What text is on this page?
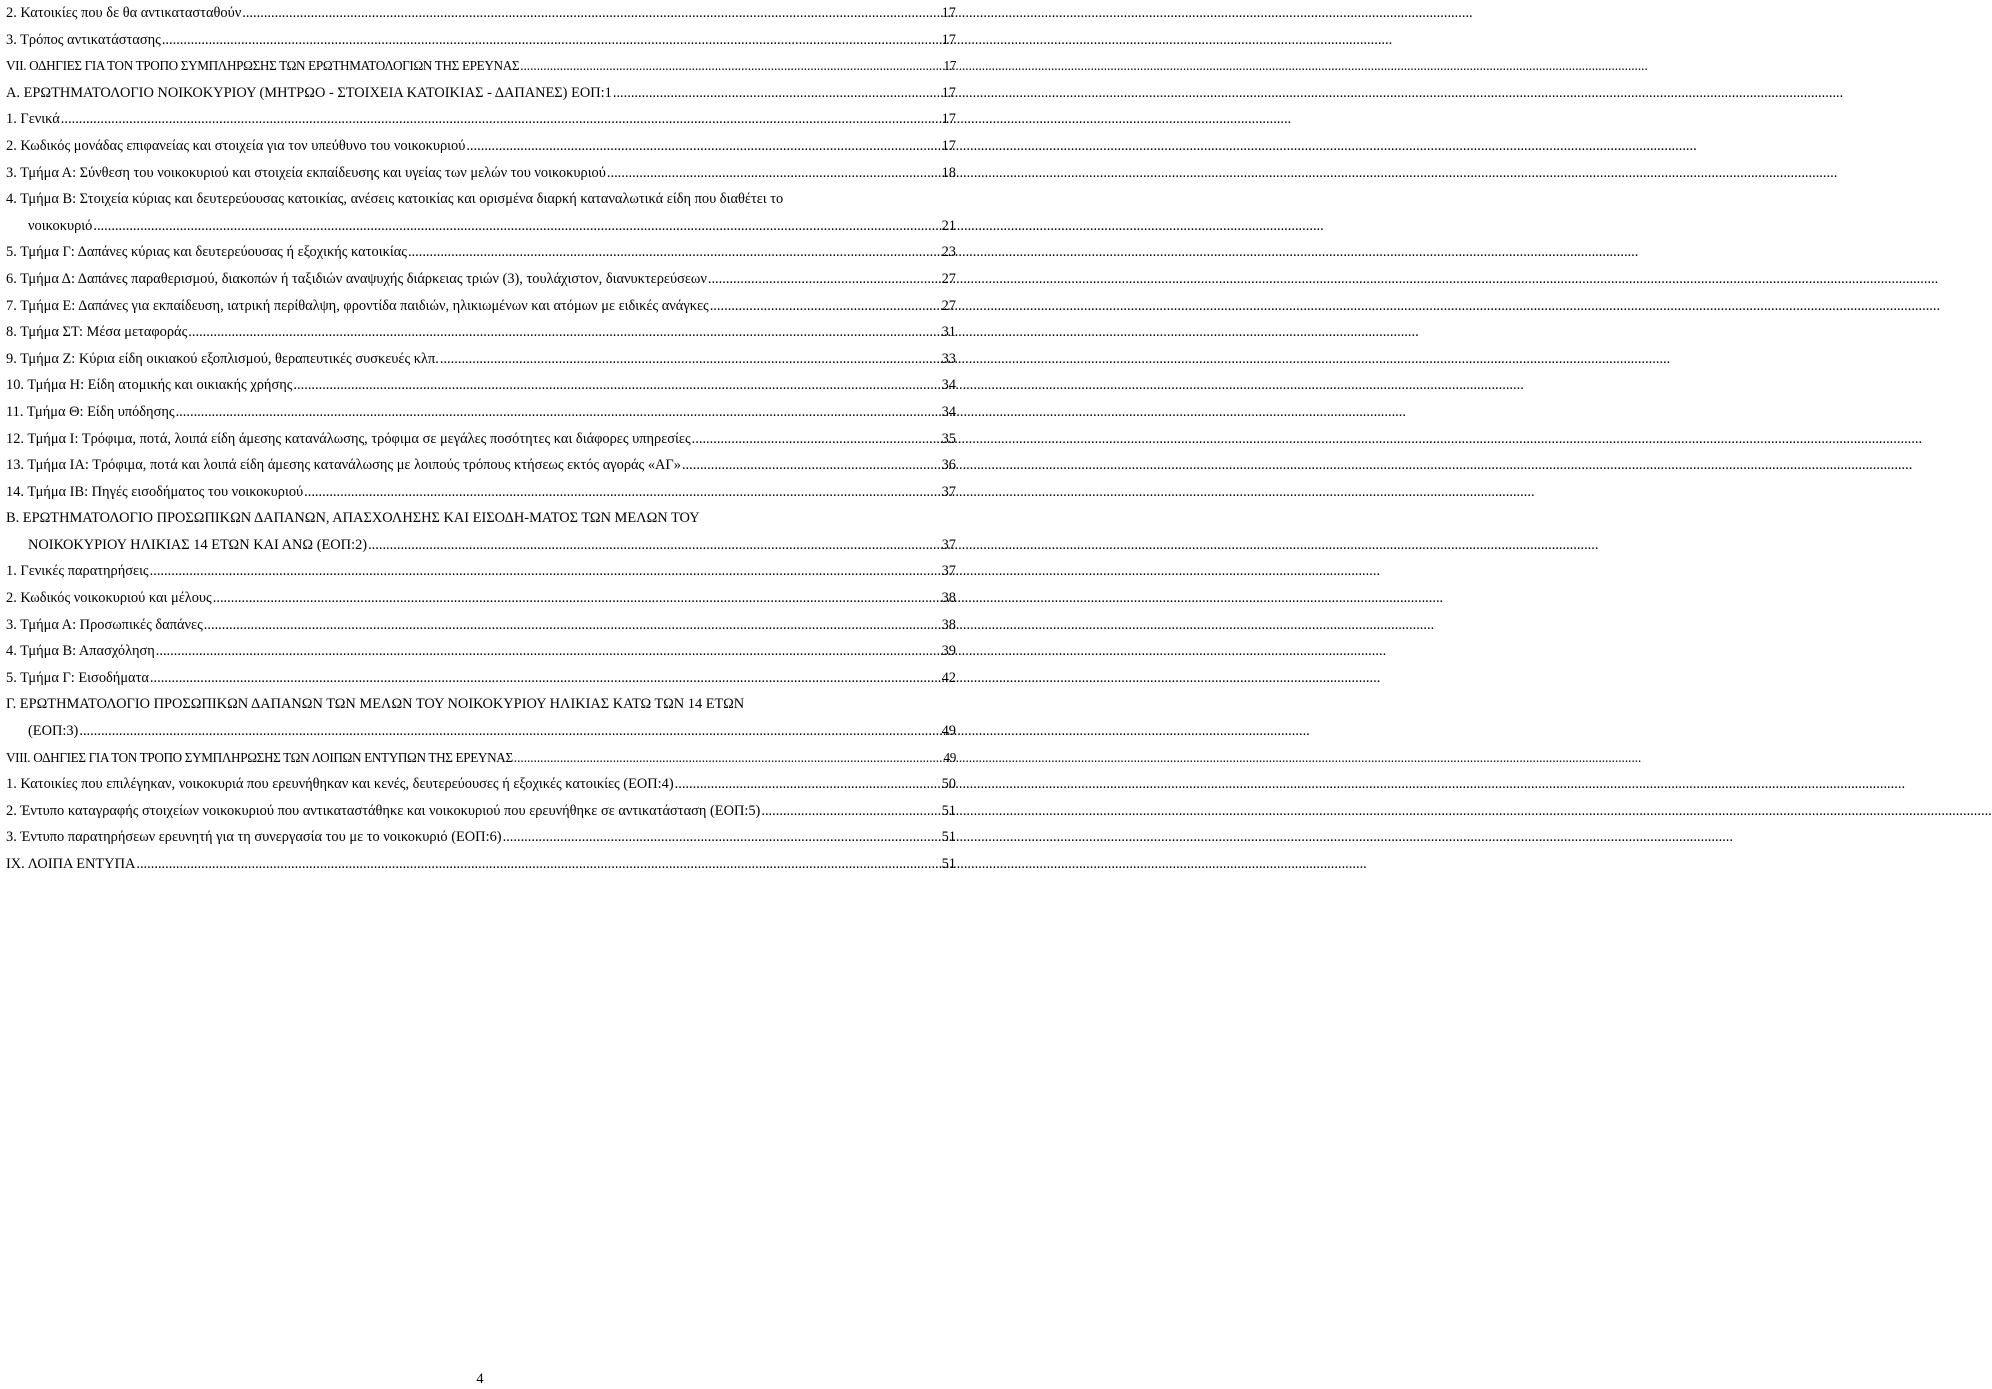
2. Κατοικίες που δε θα αντικατασταθούν .....	17
3. Τρόπος αντικατάστασης .....	17
VII. ΟΔΗΓΙΕΣ ΓΙΑ ΤΟΝ ΤΡΟΠΟ ΣΥΜΠΛΗΡΩΣΗΣ ΤΩΝ ΕΡΩΤΗΜΑΤΟΛΟΓΙΩΝ ΤΗΣ ΕΡΕΥΝΑΣ .....	17
Α. ΕΡΩΤΗΜΑΤΟΛΟΓΙΟ ΝΟΙΚΟΚΥΡΙΟΥ (ΜΗΤΡΩΟ - ΣΤΟΙΧΕΙΑ ΚΑΤΟΙΚΙΑΣ - ΔΑΠΑΝΕΣ) ΕΟΠ:1 .....	17
1. Γενικά .....	17
2. Κωδικός μονάδας επιφανείας και στοιχεία για τον υπεύθυνο του νοικοκυριού .....	17
3. Τμήμα Α: Σύνθεση του νοικοκυριού και στοιχεία εκπαίδευσης και υγείας των μελών του νοικοκυριού .....	18
4. Τμήμα Β: Στοιχεία κύριας και δευτερεύουσας κατοικίας, ανέσεις κατοικίας και ορισμένα διαρκή καταναλωτικά είδη που διαθέτει το
νοικοκυριό .....	21
5. Τμήμα Γ: Δαπάνες κύριας και δευτερεύουσας ή εξοχικής κατοικίας .....	23
6. Τμήμα Δ: Δαπάνες παραθερισμού, διακοπών ή ταξιδιών αναψυχής διάρκειας τριών (3), τουλάχιστον, διανυκτερεύσεων .....	27
7. Τμήμα Ε: Δαπάνες για εκπαίδευση, ιατρική περίθαλψη, φροντίδα παιδιών, ηλικιωμένων και ατόμων με ειδικές ανάγκες .....	27
8. Τμήμα ΣΤ: Μέσα μεταφοράς .....	31
9. Τμήμα Ζ: Κύρια είδη οικιακού εξοπλισμού, θεραπευτικές συσκευές κλπ. .....	33
10. Τμήμα Η: Είδη ατομικής και οικιακής χρήσης .....	34
11. Τμήμα Θ: Είδη υπόδησης .....	34
12. Τμήμα Ι: Τρόφιμα, ποτά, λοιπά είδη άμεσης κατανάλωσης, τρόφιμα σε μεγάλες ποσότητες και διάφορες υπηρεσίες .....	35
13. Τμήμα ΙΑ: Τρόφιμα, ποτά και λοιπά είδη άμεσης κατανάλωσης με λοιπούς τρόπους κτήσεως εκτός αγοράς «ΑΓ» .....	36
14. Τμήμα ΙΒ: Πηγές εισοδήματος του νοικοκυριού .....	37
Β. ΕΡΩΤΗΜΑΤΟΛΟΓΙΟ ΠΡΟΣΩΠΙΚΩΝ ΔΑΠΑΝΩΝ, ΑΠΑΣΧΟΛΗΣΗΣ ΚΑΙ ΕΙΣΟΔΗ-ΜΑΤΟΣ ΤΩΝ ΜΕΛΩΝ ΤΟΥ
ΝΟΙΚΟΚΥΡΙΟΥ ΗΛΙΚΙΑΣ 14 ΕΤΩΝ ΚΑΙ ΑΝΩ (ΕΟΠ:2) .....	37
1. Γενικές παρατηρήσεις .....	37
2. Κωδικός νοικοκυριού και μέλους .....	38
3. Τμήμα Α: Προσωπικές δαπάνες .....	38
4. Τμήμα Β: Απασχόληση .....	39
5. Τμήμα Γ: Εισοδήματα .....	42
Γ. ΕΡΩΤΗΜΑΤΟΛΟΓΙΟ ΠΡΟΣΩΠΙΚΩΝ ΔΑΠΑΝΩΝ ΤΩΝ ΜΕΛΩΝ ΤΟΥ ΝΟΙΚΟΚΥΡΙΟΥ ΗΛΙΚΙΑΣ ΚΑΤΩ ΤΩΝ 14 ΕΤΩΝ
(ΕΟΠ:3) .....	49
VIII. ΟΔΗΓΙΕΣ ΓΙΑ ΤΟΝ ΤΡΟΠΟ ΣΥΜΠΛΗΡΩΣΗΣ ΤΩΝ ΛΟΙΠΩΝ ΕΝΤΥΠΩΝ ΤΗΣ ΕΡΕΥΝΑΣ .....	49
1. Κατοικίες που επιλέγηκαν, νοικοκυριά που ερευνήθηκαν και κενές, δευτερεύουσες ή εξοχικές κατοικίες (ΕΟΠ:4) .....	50
2. Έντυπο καταγραφής στοιχείων νοικοκυριού που αντικαταστάθηκε και νοικοκυριού που ερευνήθηκε σε αντικατάσταση (ΕΟΠ:5) .....	51
3. Έντυπο παρατηρήσεων ερευνητή για τη συνεργασία του με το νοικοκυριό (ΕΟΠ:6) .....	51
ΙΧ. ΛΟΙΠΑ ΕΝΤΥΠΑ .....	51
4
